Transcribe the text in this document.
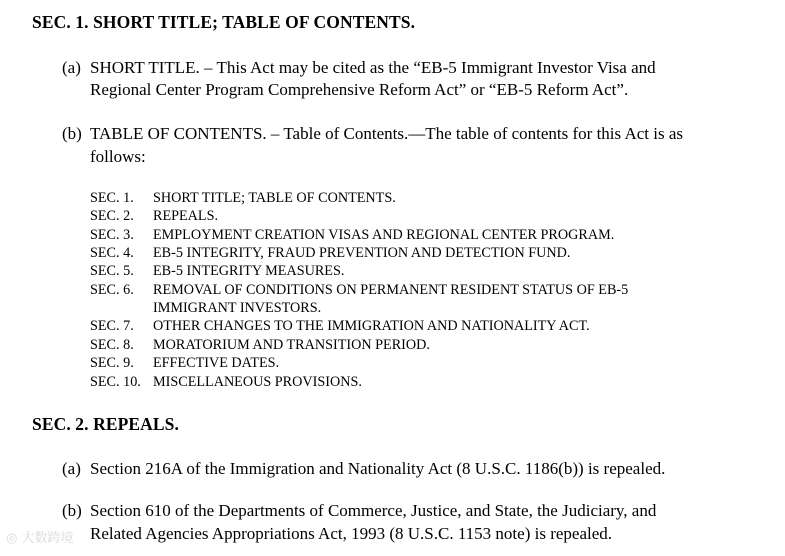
SEC. 1. SHORT TITLE; TABLE OF CONTENTS.
(a) SHORT TITLE. – This Act may be cited as the “EB-5 Immigrant Investor Visa and
Regional Center Program Comprehensive Reform Act” or “EB-5 Reform Act”.
(b) TABLE OF CONTENTS. – Table of Contents.—The table of contents for this Act is as
follows:
SEC. 1. SHORT TITLE; TABLE OF CONTENTS.
SEC. 2. REPEALS.
SEC. 3. EMPLOYMENT CREATION VISAS AND REGIONAL CENTER PROGRAM.
SEC. 4. EB-5 INTEGRITY, FRAUD PREVENTION AND DETECTION FUND.
SEC. 5. EB-5 INTEGRITY MEASURES.
SEC. 6. REMOVAL OF CONDITIONS ON PERMANENT RESIDENT STATUS OF EB-5
IMMIGRANT INVESTORS.
SEC. 7. OTHER CHANGES TO THE IMMIGRATION AND NATIONALITY ACT.
SEC. 8. MORATORIUM AND TRANSITION PERIOD.
SEC. 9. EFFECTIVE DATES.
SEC. 10. MISCELLANEOUS PROVISIONS.
SEC. 2. REPEALS.
(a) Section 216A of the Immigration and Nationality Act (8 U.S.C. 1186(b)) is repealed.
(b) Section 610 of the Departments of Commerce, Justice, and State, the Judiciary, and
Related Agencies Appropriations Act, 1993 (8 U.S.C. 1153 note) is repealed.
◎ 大数跨境
